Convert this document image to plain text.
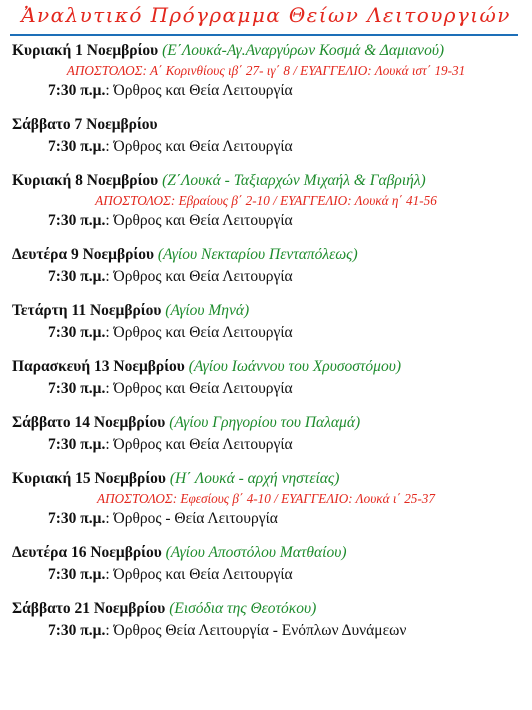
Ἀναλυτικό Πρόγραμμα Θείων Λειτουργιών
Κυριακή 1 Νοεμβρίου (Ε΄Λουκά-Αγ.Αναργύρων Κοσμά & Δαμιανού)
ΑΠΟΣΤΟΛΟΣ: Α΄ Κορινθίους ιβ΄ 27- ιγ΄ 8 / ΕΥΑΓΓΕΛΙΟ: Λουκά ιστ΄ 19-31
7:30 π.μ.: Όρθρος και Θεία Λειτουργία
Σάββατο 7 Νοεμβρίου
7:30 π.μ.: Όρθρος και Θεία Λειτουργία
Κυριακή 8 Νοεμβρίου (Ζ΄Λουκά - Ταξιαρχών Μιχαήλ & Γαβριήλ)
ΑΠΟΣΤΟΛΟΣ: Εβραίους β΄ 2-10 / ΕΥΑΓΓΕΛΙΟ: Λουκά η΄ 41-56
7:30 π.μ.: Όρθρος και Θεία Λειτουργία
Δευτέρα 9 Νοεμβρίου (Αγίου Νεκταρίου Πενταπόλεως)
7:30 π.μ.: Όρθρος και Θεία Λειτουργία
Τετάρτη 11 Νοεμβρίου (Αγίου Μηνά)
7:30 π.μ.: Όρθρος και Θεία Λειτουργία
Παρασκευή 13 Νοεμβρίου (Αγίου Ιωάννου του Χρυσοστόμου)
7:30 π.μ.: Όρθρος και Θεία Λειτουργία
Σάββατο 14 Νοεμβρίου (Αγίου Γρηγορίου του Παλαμά)
7:30 π.μ.: Όρθρος και Θεία Λειτουργία
Κυριακή 15 Νοεμβρίου (Η΄ Λουκά - αρχή νηστείας)
ΑΠΟΣΤΟΛΟΣ: Εφεσίους β΄ 4-10 / ΕΥΑΓΓΕΛΙΟ: Λουκά ι΄ 25-37
7:30 π.μ.: Όρθρος - Θεία Λειτουργία
Δευτέρα 16 Νοεμβρίου (Αγίου Αποστόλου Ματθαίου)
7:30 π.μ.: Όρθρος και Θεία Λειτουργία
Σάββατο 21 Νοεμβρίου (Εισόδια της Θεοτόκου)
7:30 π.μ.: Όρθρος Θεία Λειτουργία - Ενόπλων Δυνάμεων
